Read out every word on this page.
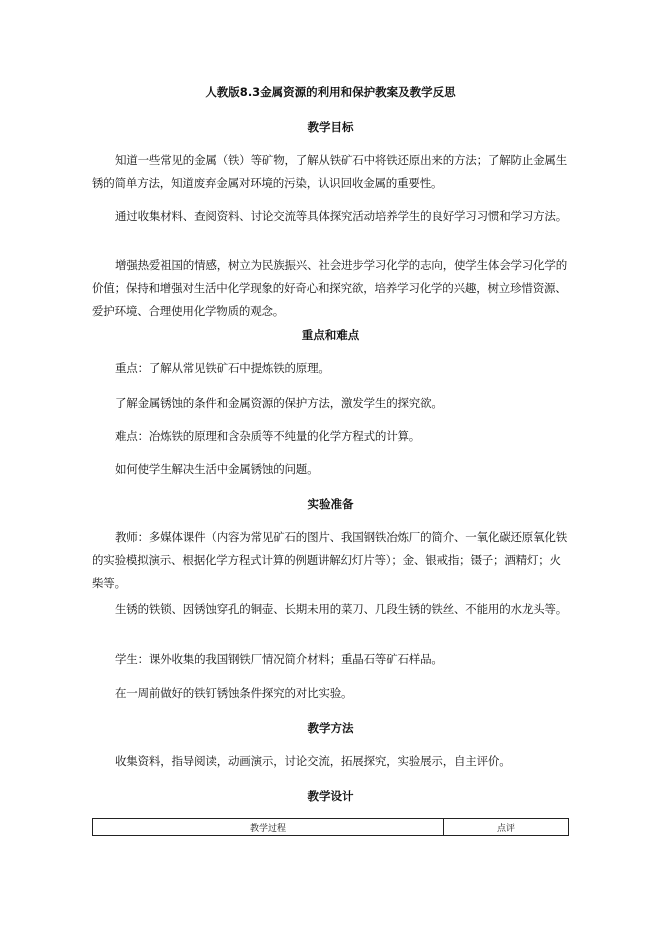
人教版8.3金属资源的利用和保护教案及教学反思
教学目标
知道一些常见的金属（铁）等矿物，了解从铁矿石中将铁还原出来的方法；了解防止金属生锈的简单方法，知道废弃金属对环境的污染，认识回收金属的重要性。
通过收集材料、查阅资料、讨论交流等具体探究活动培养学生的良好学习习惯和学习方法。
增强热爱祖国的情感，树立为民族振兴、社会进步学习化学的志向，使学生体会学习化学的价值；保持和增强对生活中化学现象的好奇心和探究欲，培养学习化学的兴趣，树立珍惜资源、爱护环境、合理使用化学物质的观念。
重点和难点
重点：了解从常见铁矿石中提炼铁的原理。
了解金属锈蚀的条件和金属资源的保护方法，激发学生的探究欲。
难点：冶炼铁的原理和含杂质等不纯量的化学方程式的计算。
如何使学生解决生活中金属锈蚀的问题。
实验准备
教师：多媒体课件（内容为常见矿石的图片、我国钢铁冶炼厂的简介、一氧化碳还原氧化铁的实验模拟演示、根据化学方程式计算的例题讲解幻灯片等）；金、银戒指；镊子；酒精灯；火柴等。
生锈的铁锁、因锈蚀穿孔的铜壶、长期未用的菜刀、几段生锈的铁丝、不能用的水龙头等。
学生：课外收集的我国钢铁厂情况简介材料；重晶石等矿石样品。
在一周前做好的铁钉锈蚀条件探究的对比实验。
教学方法
收集资料，指导阅读，动画演示，讨论交流，拓展探究，实验展示，自主评价。
教学设计
教学过程	点评
